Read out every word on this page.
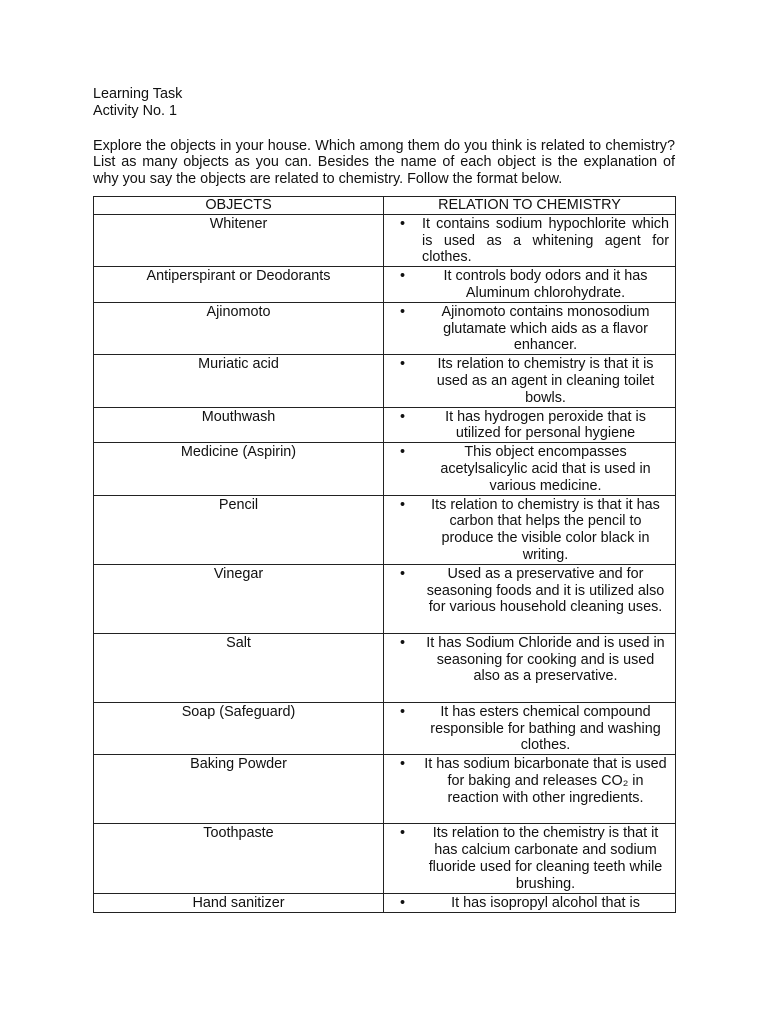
Learning Task

Activity No. 1

Explore the objects in your house. Which among them do you think is related to chemistry? List as many objects as you can. Besides the name of each object is the explanation of why you say the objects are related to chemistry. Follow the format below.

OBJECTS	RELATION TO CHEMISTRY
Whitener	• It contains sodium hypochlorite which is used as a whitening agent for clothes.

Antiperspirant or Deodorants	• It controls body odors and it has Aluminum chlorohydrate.

Ajinomoto	• Ajinomoto contains monosodium glutamate which aids as a flavor enhancer.

Muriatic acid	• Its relation to chemistry is that it is used as an agent in cleaning toilet bowls.

Mouthwash	• It has hydrogen peroxide that is utilized for personal hygiene

Medicine (Aspirin)	• This object encompasses acetylsalicylic acid that is used in various medicine.

Pencil	• Its relation to chemistry is that it has carbon that helps the pencil to produce the visible color black in writing.

Vinegar	• Used as a preservative and for seasoning foods and it is utilized also for various household cleaning uses.

Salt	• It has Sodium Chloride and is used in seasoning for cooking and is used also as a preservative.

Soap (Safeguard)	• It has esters chemical compound responsible for bathing and washing clothes.

Baking Powder	• It has sodium bicarbonate that is used for baking and releases CO₂ in reaction with other ingredients.

Toothpaste	• Its relation to the chemistry is that it has calcium carbonate and sodium fluoride used for cleaning teeth while brushing.

Hand sanitizer	• It has isopropyl alcohol that is
